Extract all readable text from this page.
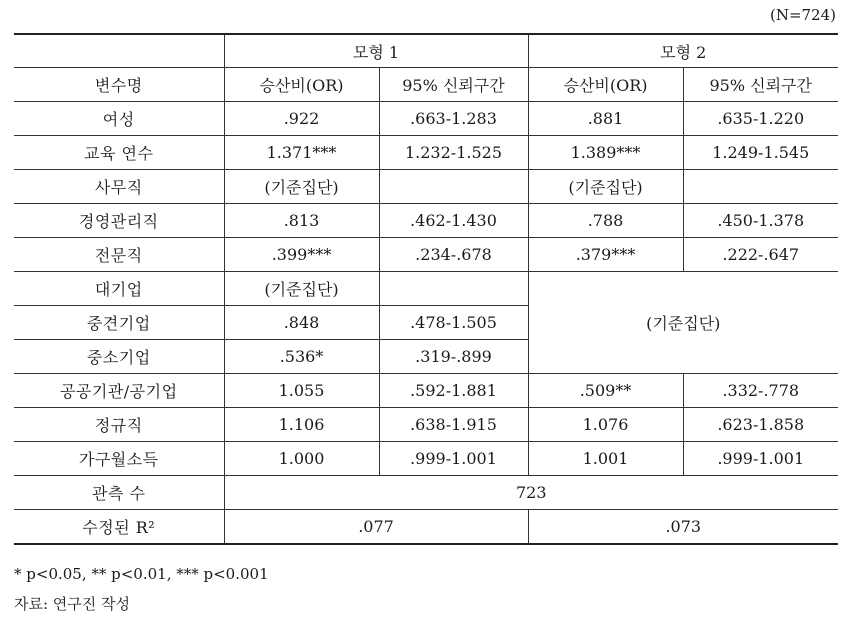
(N=724)
	모형 1		모형 2	
변수명	승산비(OR)	95% 신뢰구간	승산비(OR)	95% 신뢰구간
여성	.922	.663-1.283	.881	.635-1.220
교육 연수	1.371***	1.232-1.525	1.389***	1.249-1.545
사무직	(기준집단)		(기준집단)	
경영관리직	.813	.462-1.430	.788	.450-1.378
전문직	.399***	.234-.678	.379***	.222-.647
대기업	(기준집단)		(기준집단)	
중견기업	.848	.478-1.505		
중소기업	.536*	.319-.899		
공공기관/공기업	1.055	.592-1.881	.509**	.332-.778
정규직	1.106	.638-1.915	1.076	.623-1.858
가구월소득	1.000	.999-1.001	1.001	.999-1.001
관측 수	723			
수정된 R²	.077		.073	
* p<0.05, ** p<0.01, *** p<0.001
자료: 연구진 작성
